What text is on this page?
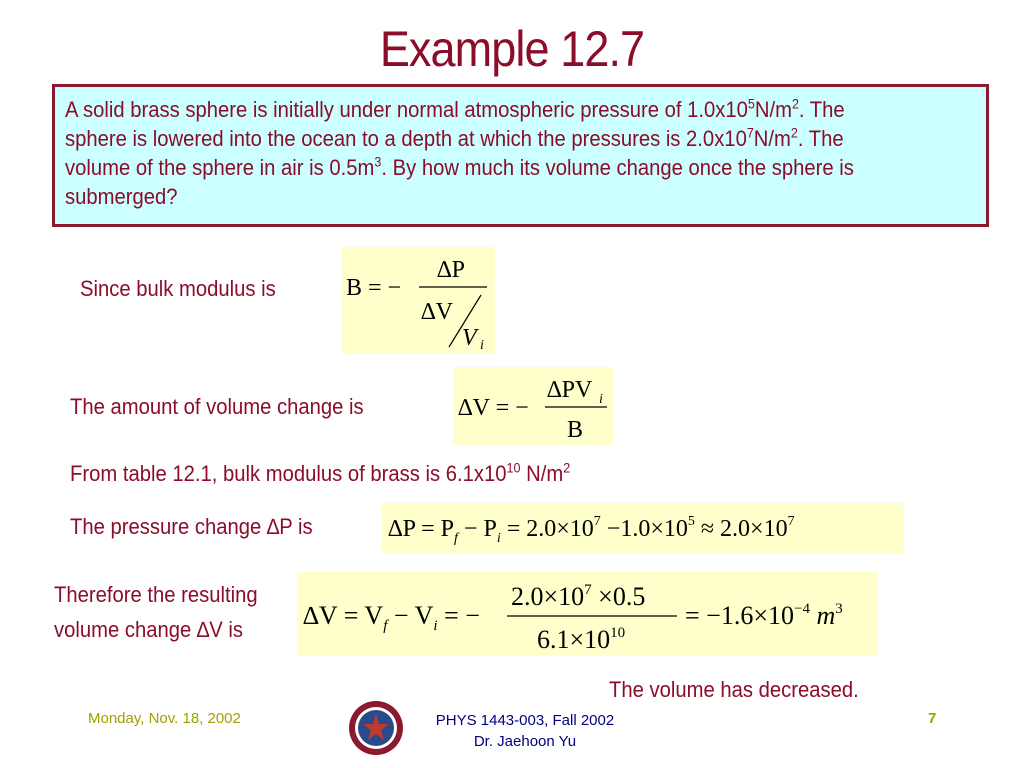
Example 12.7
A solid brass sphere is initially under normal atmospheric pressure of $1.0x10^5N/m^2$. The
sphere is lowered into the ocean to a depth at which the pressures is $2.0x10^7N/m^2$. The
volume of the sphere in air is $0.5m^3$. By how much its volume change once the sphere is
submerged?
Since bulk modulus is	B = −
∆P
∆V
V i
The amount of volume change is	∆V = −
∆PV i
B
From table 12.1, bulk modulus of brass is $6.1x10^{10}$ $N/m^2$
The pressure change ∆P is	$\Delta P = P_f - P_i = 2.0\times 10^7 -1.0\times 10^5 \approx 2.0\times 10^7$
Therefore the resulting
volume change ∆V is $\Delta V = V_f - V_i$ = −
$2.0\times 10^7 \times 0.5$
$6.1\times 10^{10}$
= $-1.6\times 10^{-4}$ $m^3$
The volume has decreased.
Monday, Nov. 18, 2002	PHYS 1443-003, Fall 2002
Dr. Jaehoon Yu
7
